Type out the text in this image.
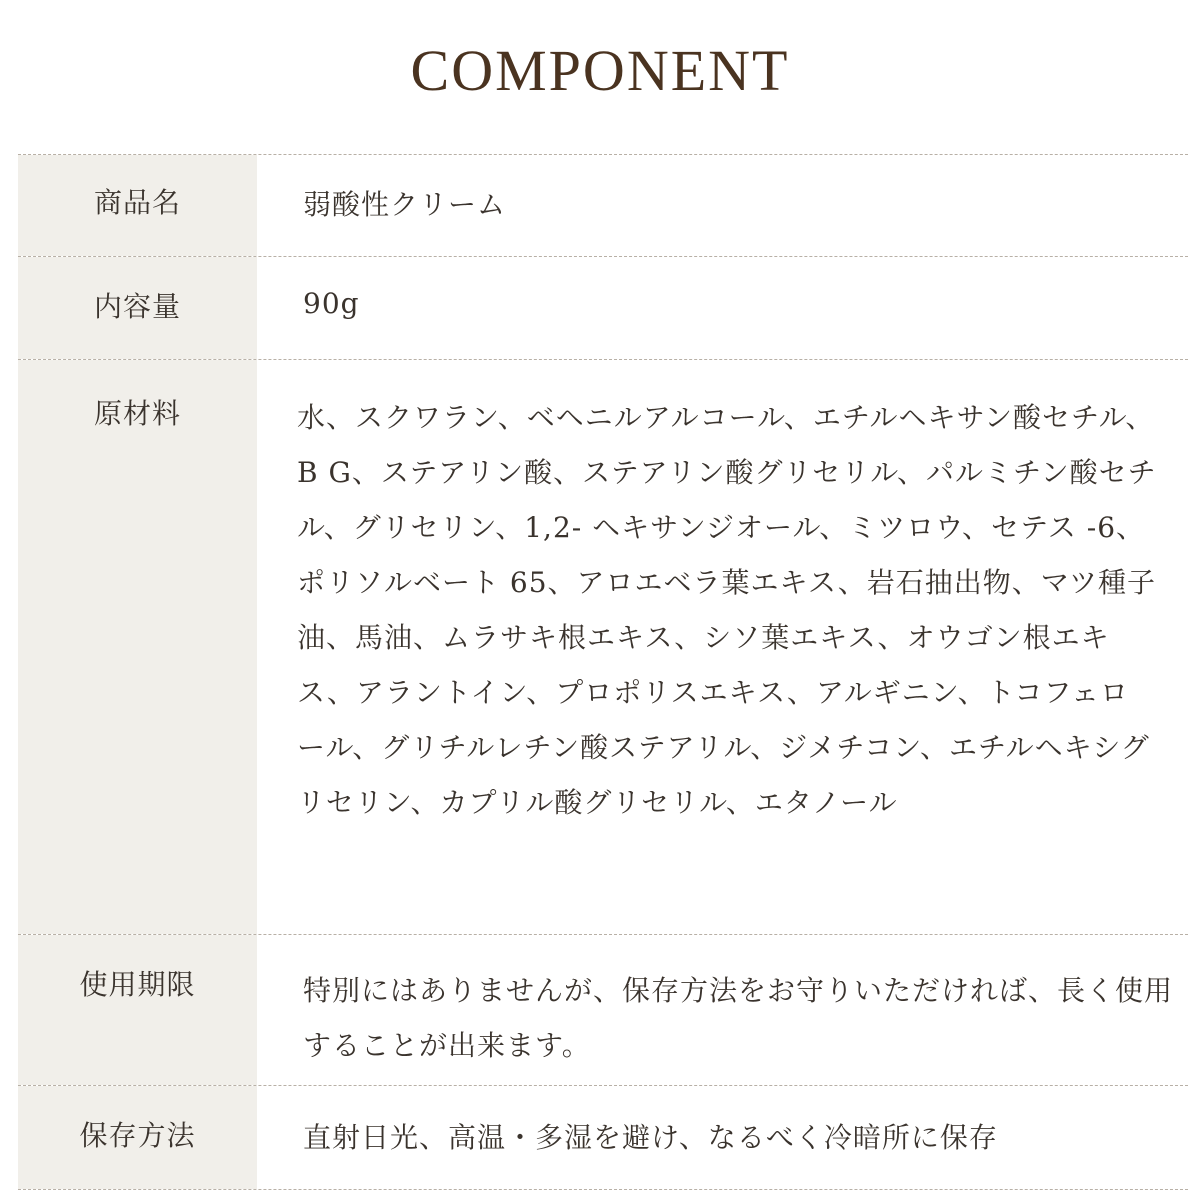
COMPONENT
商品名	弱酸性クリーム
内容量	90g
原材料	水、スクワラン、ベヘニルアルコール、エチルヘキサン酸セチル、B G、ステアリン酸、ステアリン酸グリセリル、パルミチン酸セチル、グリセリン、1,2- ヘキサンジオール、ミツロウ、セテス -6、ポリソルベート 65、アロエベラ葉エキス、岩石抽出物、マツ種子油、馬油、ムラサキ根エキス、シソ葉エキス、オウゴン根エキス、アラントイン、プロポリスエキス、アルギニン、トコフェロール、グリチルレチン酸ステアリル、ジメチコン、エチルヘキシグリセリン、カプリル酸グリセリル、エタノール
使用期限	特別にはありませんが、保存方法をお守りいただければ、長く使用することが出来ます。
保存方法	直射日光、高温・多湿を避け、なるべく冷暗所に保存
